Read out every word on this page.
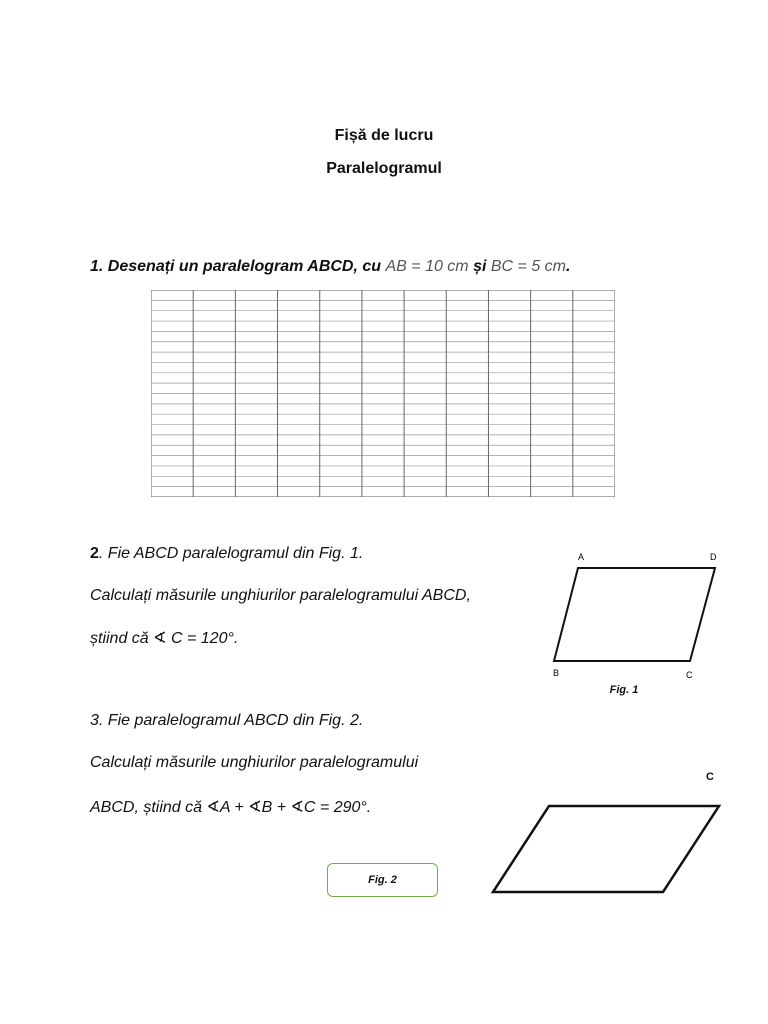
Fișă de lucru
Paralelogramul
1. Desenați un paralelogram ABCD, cu AB = 10 cm și BC = 5 cm.
2. Fie ABCD paralelogramul din Fig. 1.
Calculați măsurile unghiurilor paralelogramului ABCD,
știind că ∢ C = 120°.
A	D
B	C
Fig. 1
3. Fie paralelogramul ABCD din Fig. 2.
Calculați măsurile unghiurilor paralelogramului
ABCD, știind că ∢A + ∢B + ∢C = 290°.
C
Fig. 2
